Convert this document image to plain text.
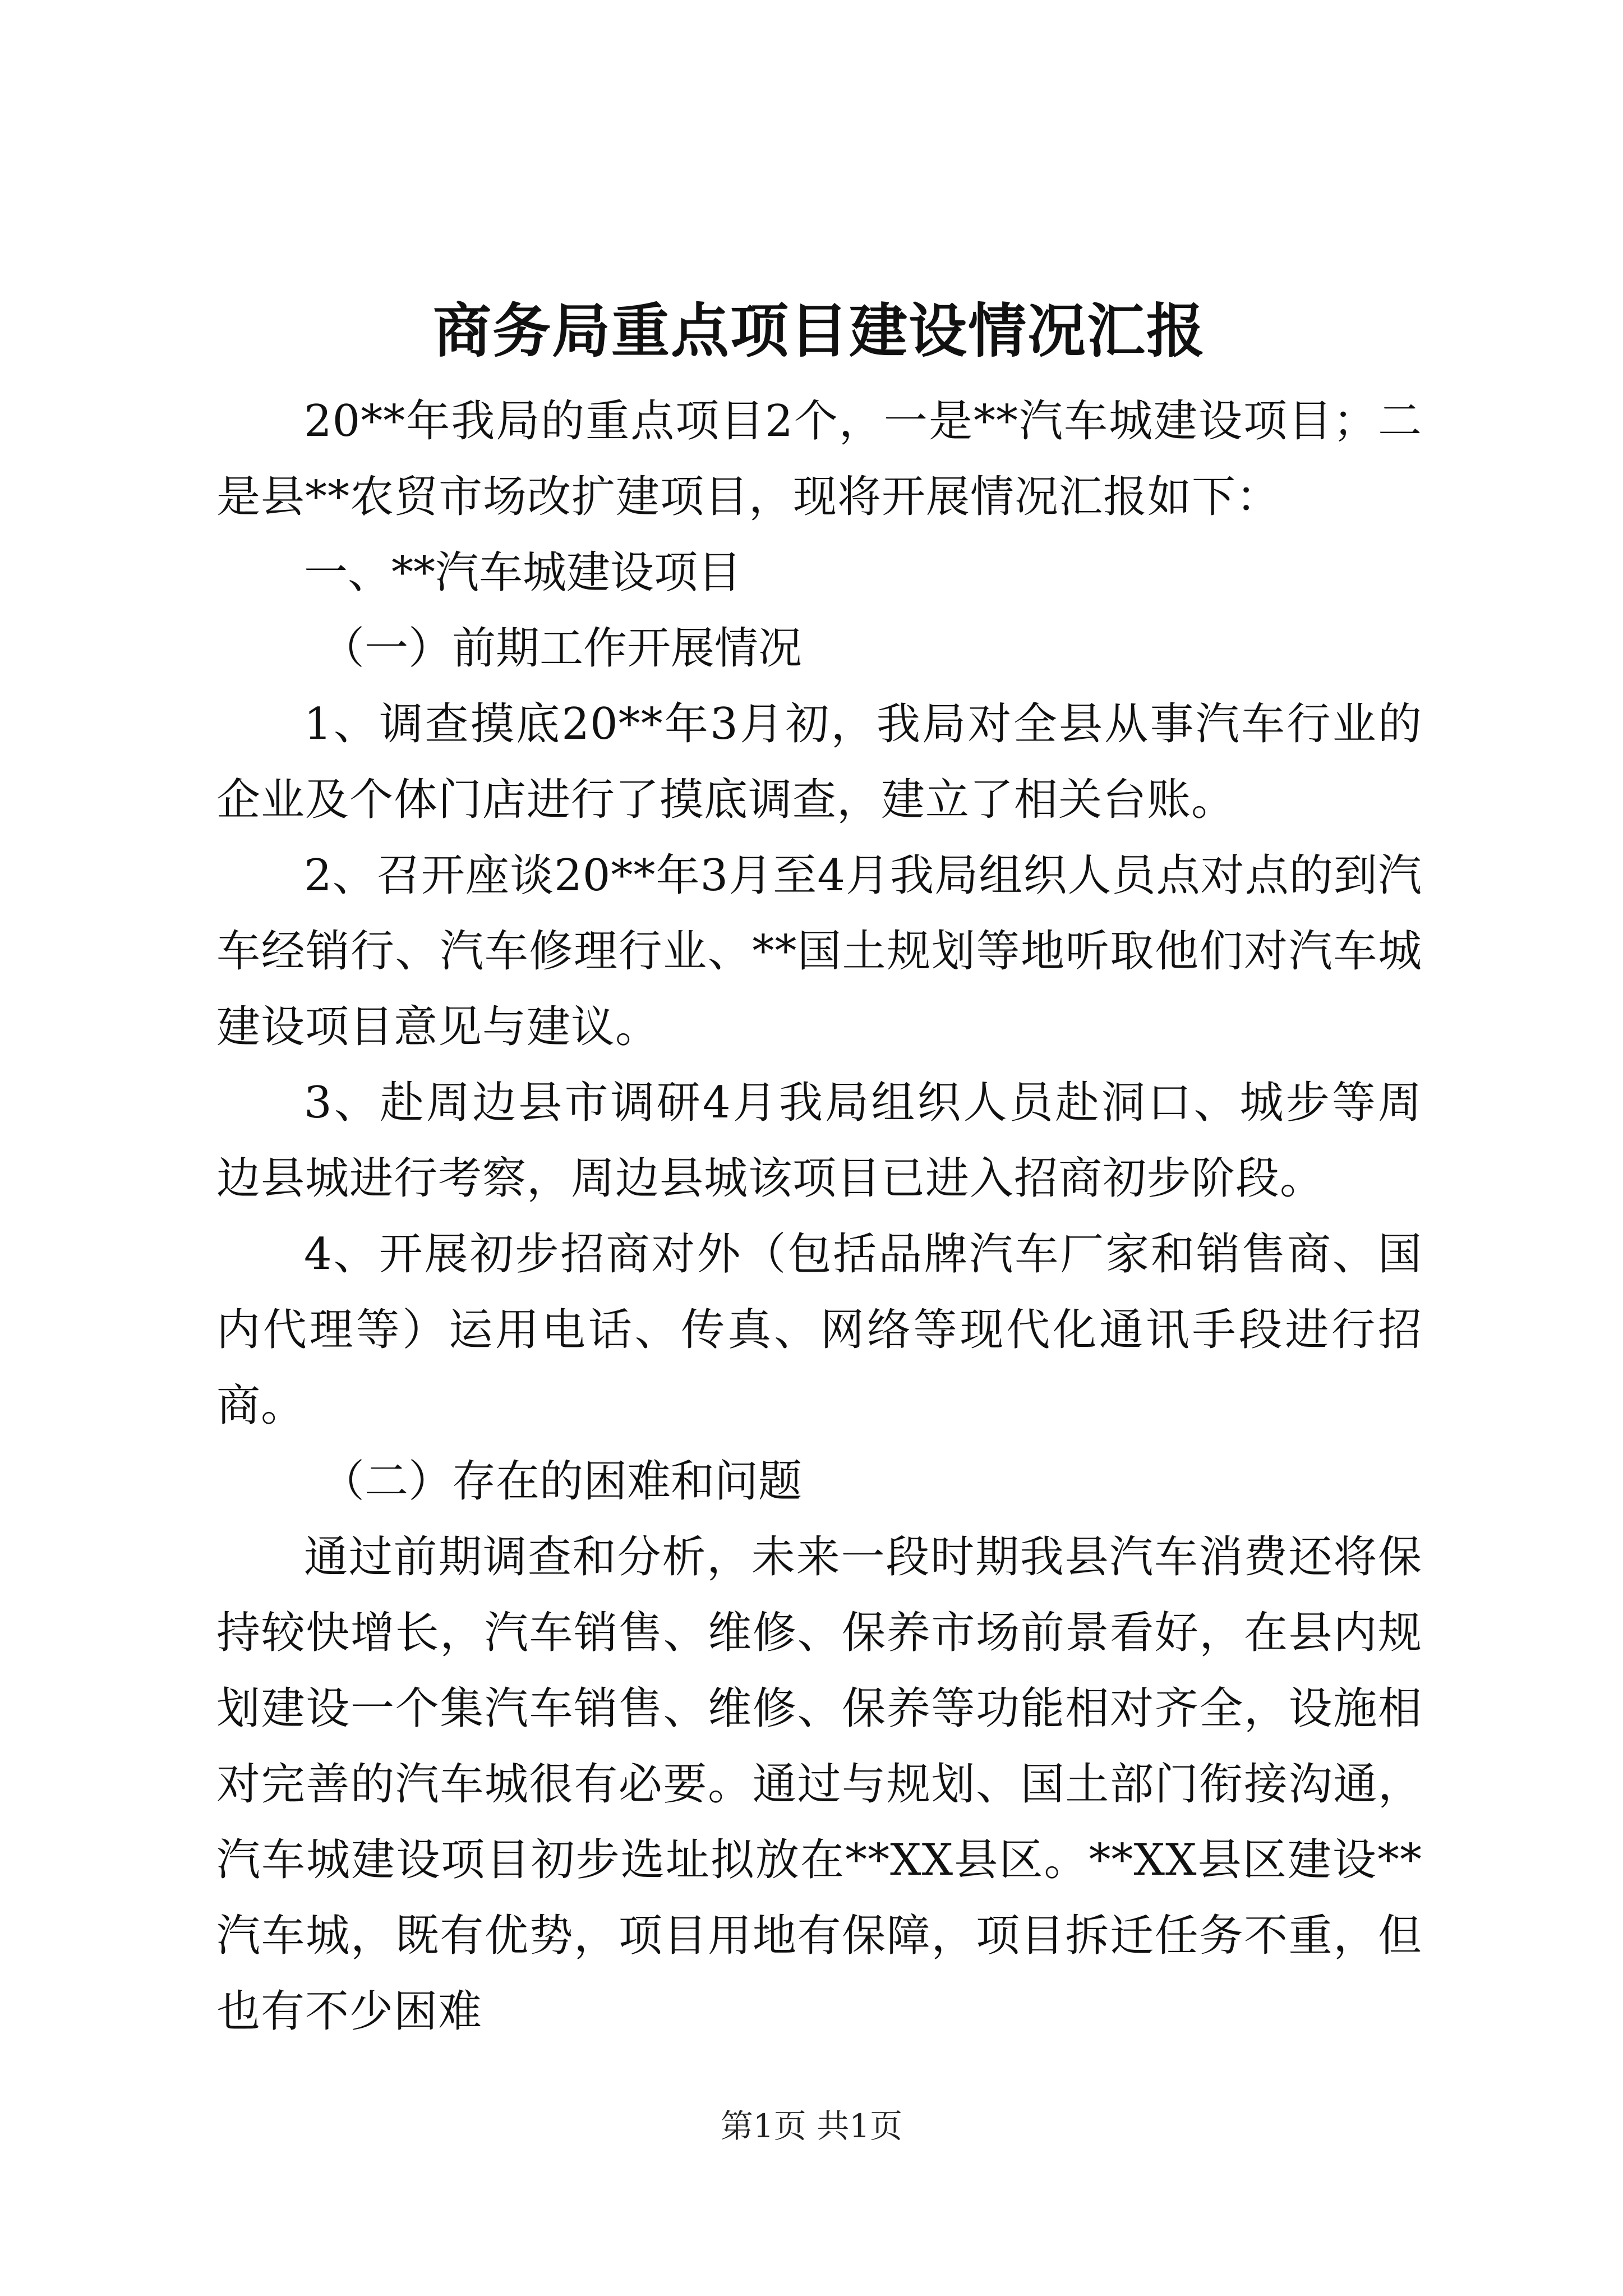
商务局重点项目建设情况汇报

20**年我局的重点项目2个，一是**汽车城建设项目；二是县**农贸市场改扩建项目，现将开展情况汇报如下：

一、**汽车城建设项目

（一）前期工作开展情况

1、调查摸底20**年3月初，我局对全县从事汽车行业的企业及个体门店进行了摸底调查，建立了相关台账。

2、召开座谈20**年3月至4月我局组织人员点对点的到汽车经销行、汽车修理行业、**国土规划等地听取他们对汽车城建设项目意见与建议。

3、赴周边县市调研4月我局组织人员赴洞口、城步等周边县城进行考察，周边县城该项目已进入招商初步阶段。

4、开展初步招商对外（包括品牌汽车厂家和销售商、国内代理等）运用电话、传真、网络等现代化通讯手段进行招商。

（二）存在的困难和问题

通过前期调查和分析，未来一段时期我县汽车消费还将保持较快增长，汽车销售、维修、保养市场前景看好，在县内规划建设一个集汽车销售、维修、保养等功能相对齐全，设施相对完善的汽车城很有必要。通过与规划、国土部门衔接沟通，汽车城建设项目初步选址拟放在**XX县区。**XX县区建设**汽车城，既有优势，项目用地有保障，项目拆迁任务不重，但也有不少困难

第1页 共1页
